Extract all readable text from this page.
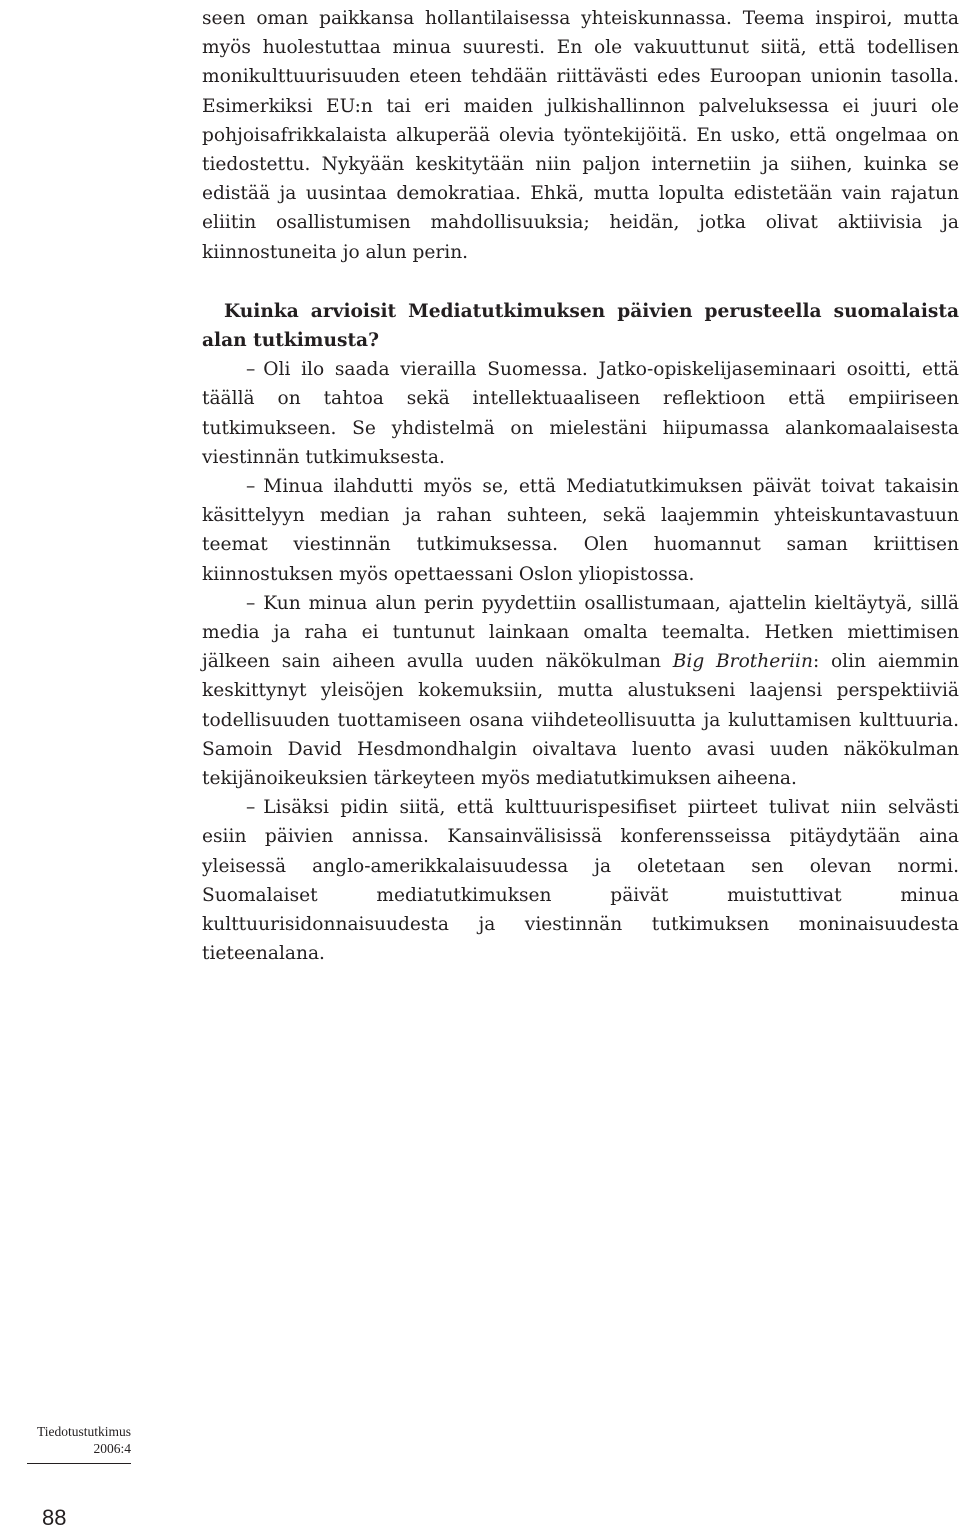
seen oman paikkansa hollantilaisessa yhteiskunnassa. Teema inspiroi, mutta myös huolestuttaa minua suuresti. En ole vakuuttunut siitä, että todellisen monikulttuurisuuden eteen tehdään riittävästi edes Euroopan unionin tasolla. Esimerkiksi EU:n tai eri maiden julkishallinnon palveluksessa ei juuri ole pohjoisafrikkalaista alkuperää olevia työntekijöitä. En usko, että ongelmaa on tiedostettu. Nykyään keskitytään niin paljon internetiin ja siihen, kuinka se edistää ja uusintaa demokratiaa. Ehkä, mutta lopulta edistetään vain rajatun eliitin osallistumisen mahdollisuuksia; heidän, jotka olivat aktiivisia ja kiinnostuneita jo alun perin.

Kuinka arvioisit Mediatutkimuksen päivien perusteella suomalaista alan tutkimusta?

– Oli ilo saada vierailla Suomessa. Jatko-opiskelijaseminaari osoitti, että täällä on tahtoa sekä intellektuaaliseen reflektioon että empiiriseen tutkimukseen. Se yhdistelmä on mielestäni hiipumassa alankomaalaisesta viestinnän tutkimuksesta.

– Minua ilahdutti myös se, että Mediatutkimuksen päivät toivat takaisin käsittelyyn median ja rahan suhteen, sekä laajemmin yhteiskuntavastuun teemat viestinnän tutkimuksessa. Olen huomannut saman kriittisen kiinnostuksen myös opettaessani Oslon yliopistossa.

– Kun minua alun perin pyydettiin osallistumaan, ajattelin kieltäytyä, sillä media ja raha ei tuntunut lainkaan omalta teemalta. Hetken miettimisen jälkeen sain aiheen avulla uuden näkökulman Big Brotheriin: olin aiemmin keskittynyt yleisöjen kokemuksiin, mutta alustukseni laajensi perspektiiviä todellisuuden tuottamiseen osana viihdeteollisuutta ja kuluttamisen kulttuuria. Samoin David Hesdmondhalgin oivaltava luento avasi uuden näkökulman tekijänoikeuksien tärkeyteen myös mediatutkimuksen aiheena.

– Lisäksi pidin siitä, että kulttuurispesifiset piirteet tulivat niin selvästi esiin päivien annissa. Kansainvälisissä konferensseissa pitäydytään aina yleisessä anglo-amerikkalaisuudessa ja oletetaan sen olevan normi. Suomalaiset mediatutkimuksen päivät muistuttivat minua kulttuurisidonnaisuudesta ja viestinnän tutkimuksen moninaisuudesta tieteenalana.

Tiedotustutkimus
2006:4
88
